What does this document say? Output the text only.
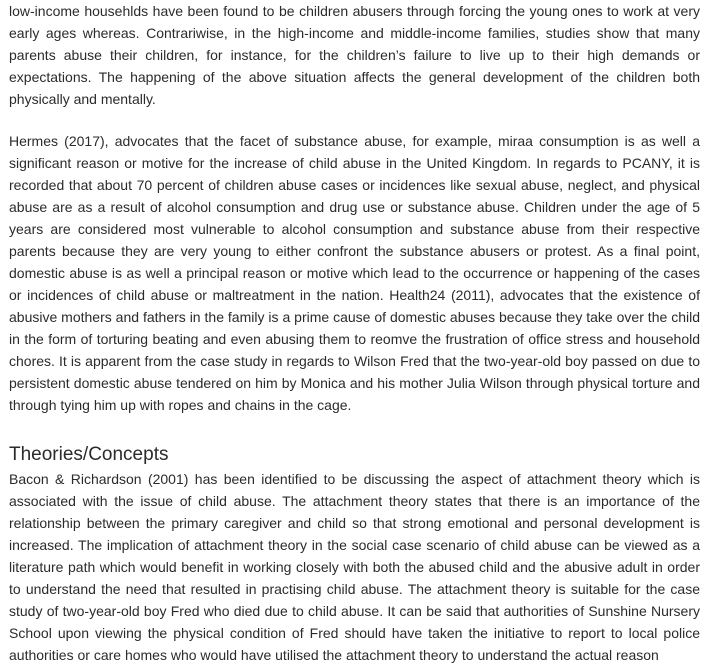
low-income househlds have been found to be children abusers through forcing the young ones to work at very early ages whereas. Contrariwise, in the high-income and middle-income families, studies show that many parents abuse their children, for instance, for the children’s failure to live up to their high demands or expectations. The happening of the above situation affects the general development of the children both physically and mentally.

Hermes (2017), advocates that the facet of substance abuse, for example, miraa consumption is as well a significant reason or motive for the increase of child abuse in the United Kingdom. In regards to PCANY, it is recorded that about 70 percent of children abuse cases or incidences like sexual abuse, neglect, and physical abuse are as a result of alcohol consumption and drug use or substance abuse. Children under the age of 5 years are considered most vulnerable to alcohol consumption and substance abuse from their respective parents because they are very young to either confront the substance abusers or protest. As a final point, domestic abuse is as well a principal reason or motive which lead to the occurrence or happening of the cases or incidences of child abuse or maltreatment in the nation. Health24 (2011), advocates that the existence of abusive mothers and fathers in the family is a prime cause of domestic abuses because they take over the child in the form of torturing beating and even abusing them to reomve the frustration of office stress and household chores. It is apparent from the case study in regards to Wilson Fred that the two-year-old boy passed on due to persistent domestic abuse tendered on him by Monica and his mother Julia Wilson through physical torture and through tying him up with ropes and chains in the cage.

Theories/Concepts

Bacon & Richardson (2001) has been identified to be discussing the aspect of attachment theory which is associated with the issue of child abuse. The attachment theory states that there is an importance of the relationship between the primary caregiver and child so that strong emotional and personal development is increased. The implication of attachment theory in the social case scenario of child abuse can be viewed as a literature path which would benefit in working closely with both the abused child and the abusive adult in order to understand the need that resulted in practising child abuse. The attachment theory is suitable for the case study of two-year-old boy Fred who died due to child abuse. It can be said that authorities of Sunshine Nursery School upon viewing the physical condition of Fred should have taken the initiative to report to local police authorities or care homes who would have utilised the attachment theory to understand the actual reason
